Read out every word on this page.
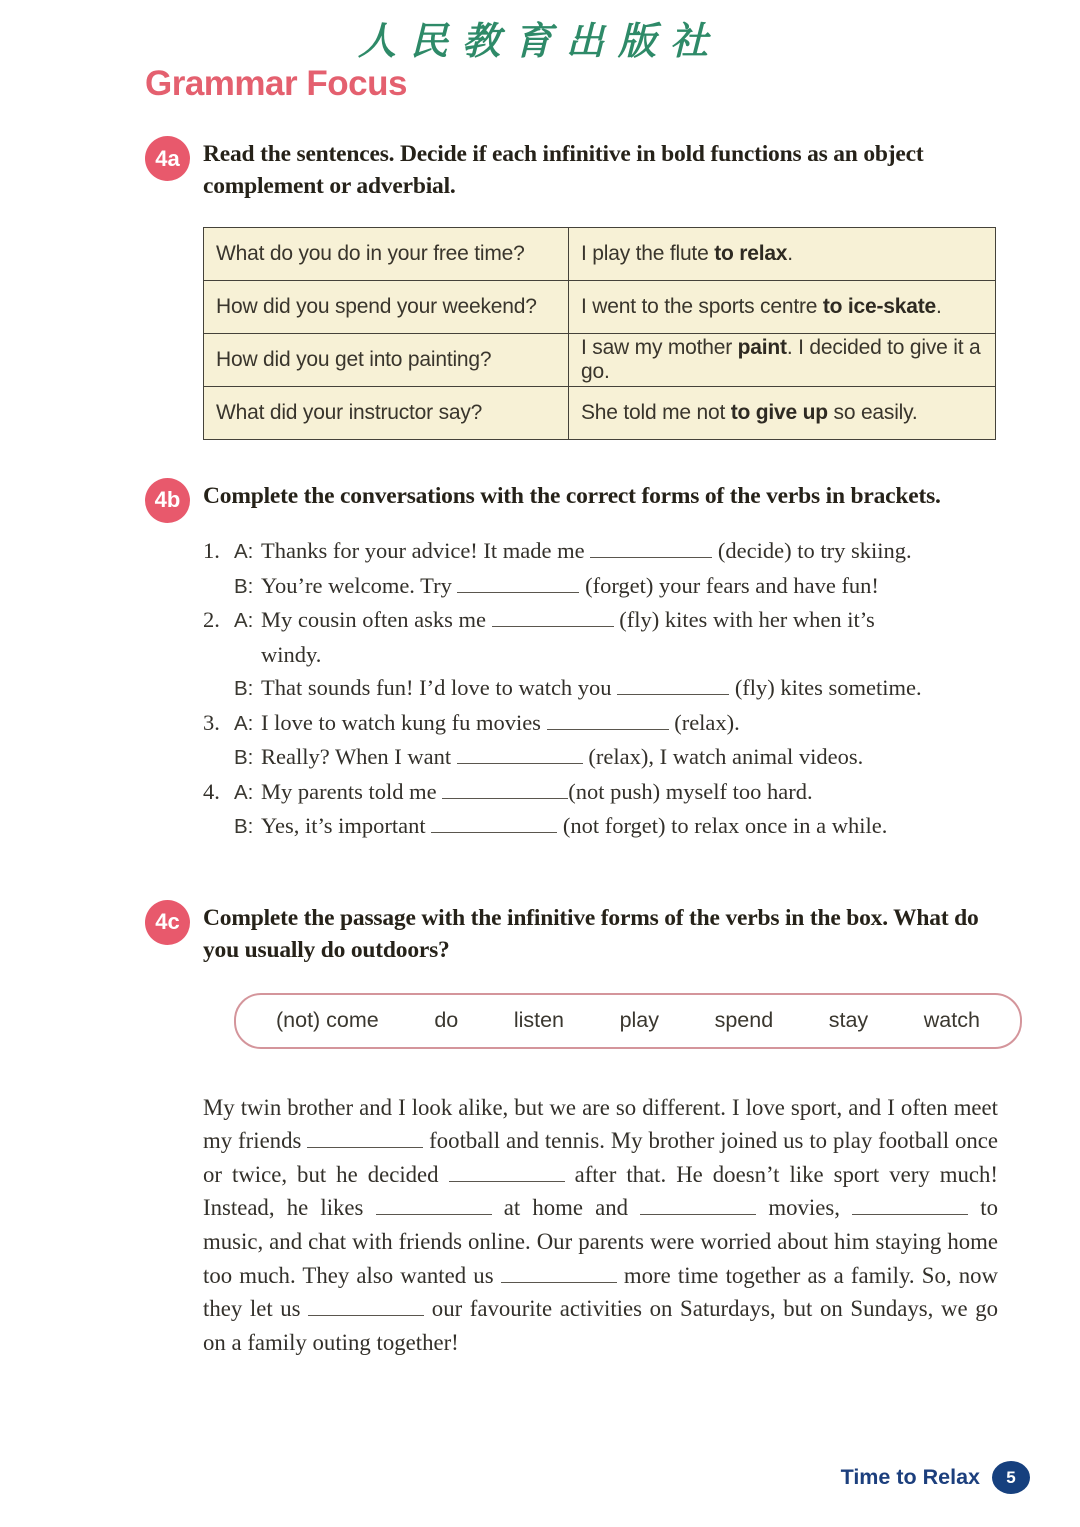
人民教育出版社
Grammar Focus
4a Read the sentences. Decide if each infinitive in bold functions as an object complement or adverbial.
What do you do in your free time?	I play the flute to relax.
How did you spend your weekend?	I went to the sports centre to ice-skate.
How did you get into painting?	I saw my mother paint. I decided to give it a go.
What did your instructor say?	She told me not to give up so easily.
4b Complete the conversations with the correct forms of the verbs in brackets.
1. A: Thanks for your advice! It made me	(decide) to try skiing.
B: You’re welcome. Try	(forget) your fears and have fun!
2. A: My cousin often asks me	(fly) kites with her when it’s
windy.
B: That sounds fun! I’d love to watch you	(fly) kites sometime.
3. A: I love to watch kung fu movies	(relax).
B: Really? When I want	(relax), I watch animal videos.
4. A: My parents told me	(not push) myself too hard.
B: Yes, it’s important	(not forget) to relax once in a while.
4c Complete the passage with the infinitive forms of the verbs in the box. What do you usually do outdoors?
(not) come	do	listen	play	spend	stay	watch
My twin brother and I look alike, but we are so different. I love sport, and I often meet my friends	football and tennis. My brother joined us to play football once or twice, but he decided	after that. He doesn’t like sport very much! Instead, he likes	at home and	movies,	to music, and chat with friends online. Our parents were worried about him staying home too much. They also wanted us	more time together as a family. So, now they let us	our favourite activities on Saturdays, but on Sundays, we go on a family outing together!
Time to Relax	5
